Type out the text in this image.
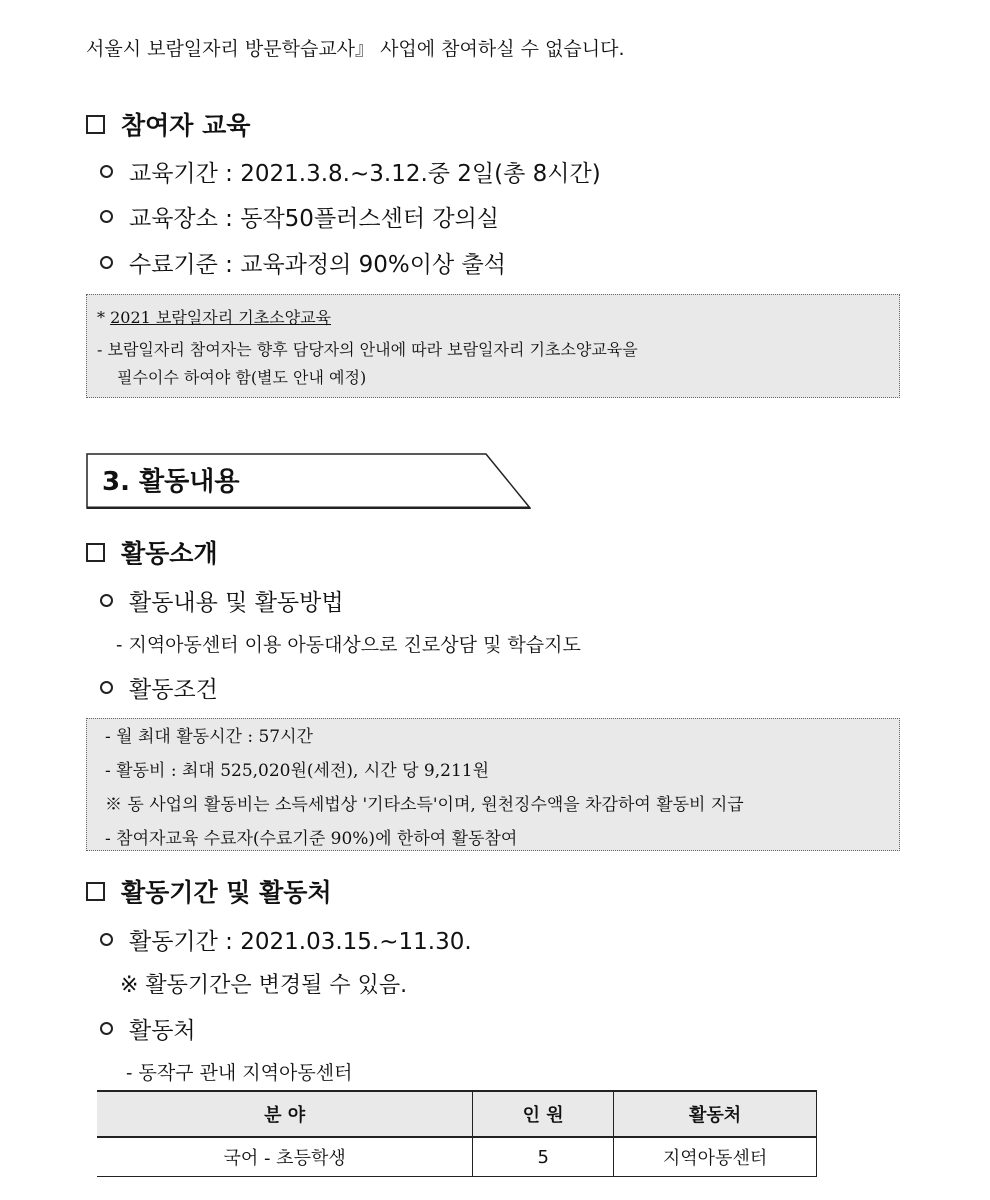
서울시 보람일자리 방문학습교사』 사업에 참여하실 수 없습니다.
참여자 교육
교육기간 : 2021.3.8.~3.12.중 2일(총 8시간)
교육장소 : 동작50플러스센터 강의실
수료기준 : 교육과정의 90%이상 출석
* 2021 보람일자리 기초소양교육
- 보람일자리 참여자는 향후 담당자의 안내에 따라 보람일자리 기초소양교육을
필수이수 하여야 함(별도 안내 예정)
3. 활동내용
활동소개
활동내용 및 활동방법
- 지역아동센터 이용 아동대상으로 진로상담 및 학습지도
활동조건
- 월 최대 활동시간 : 57시간
- 활동비 : 최대 525,020원(세전), 시간 당 9,211원
※ 동 사업의 활동비는 소득세법상 '기타소득'이며, 원천징수액을 차감하여 활동비 지급
- 참여자교육 수료자(수료기준 90%)에 한하여 활동참여
활동기간 및 활동처
활동기간 : 2021.03.15.~11.30.
※ 활동기간은 변경될 수 있음.
활동처
- 동작구 관내 지역아동센터
분 야	인 원	활동처
국어 - 초등학생	5	지역아동센터
